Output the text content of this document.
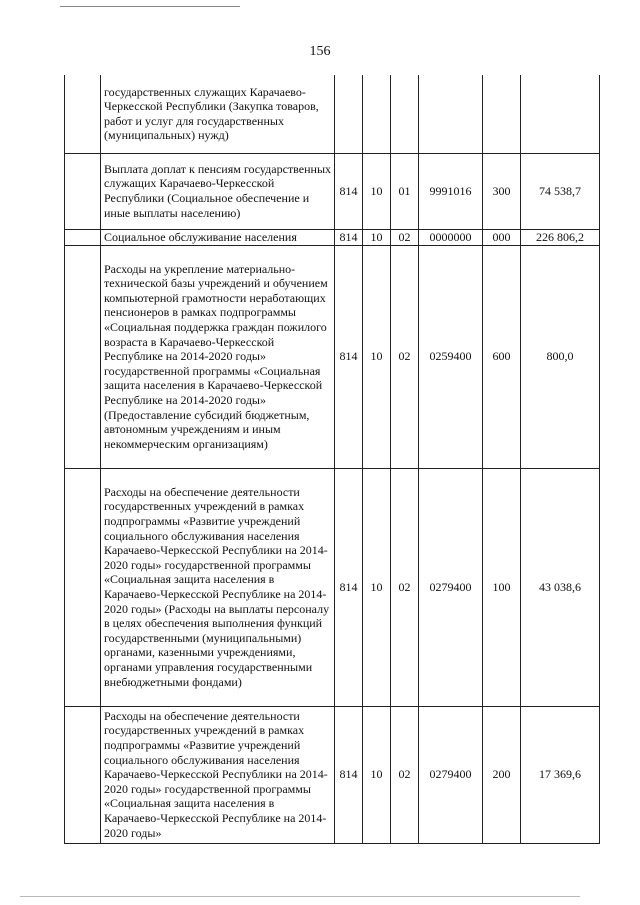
156
	государственных служащих Карачаево-Черкесской Республики (Закупка товаров, работ и услуг для государственных (муниципальных) нужд)						
	Выплата доплат к пенсиям государственных служащих Карачаево-Черкесской Республики (Социальное обеспечение и иные выплаты населению)	814	10	01	9991016	300	74 538,7
	Социальное обслуживание населения	814	10	02	0000000	000	226 806,2
	Расходы на укрепление материально-технической базы учреждений и обучением компьютерной грамотности неработающих пенсионеров в рамках подпрограммы «Социальная поддержка граждан пожилого возраста в Карачаево-Черкесской Республике на 2014-2020 годы» государственной программы «Социальная защита населения в Карачаево-Черкесской Республике на 2014-2020 годы» (Предоставление субсидий бюджетным, автономным учреждениям и иным некоммерческим организациям)	814	10	02	0259400	600	800,0
	Расходы на обеспечение деятельности государственных учреждений в рамках подпрограммы «Развитие учреждений социального обслуживания населения Карачаево-Черкесской Республики на 2014-2020 годы» государственной программы «Социальная защита населения в Карачаево-Черкесской Республике на 2014-2020 годы» (Расходы на выплаты персоналу в целях обеспечения выполнения функций государственными (муниципальными) органами, казенными учреждениями, органами управления государственными внебюджетными фондами)	814	10	02	0279400	100	43 038,6
	Расходы на обеспечение деятельности государственных учреждений в рамках подпрограммы «Развитие учреждений социального обслуживания населения Карачаево-Черкесской Республики на 2014-2020 годы» государственной программы «Социальная защита населения в Карачаево-Черкесской Республике на 2014-2020 годы»	814	10	02	0279400	200	17 369,6
